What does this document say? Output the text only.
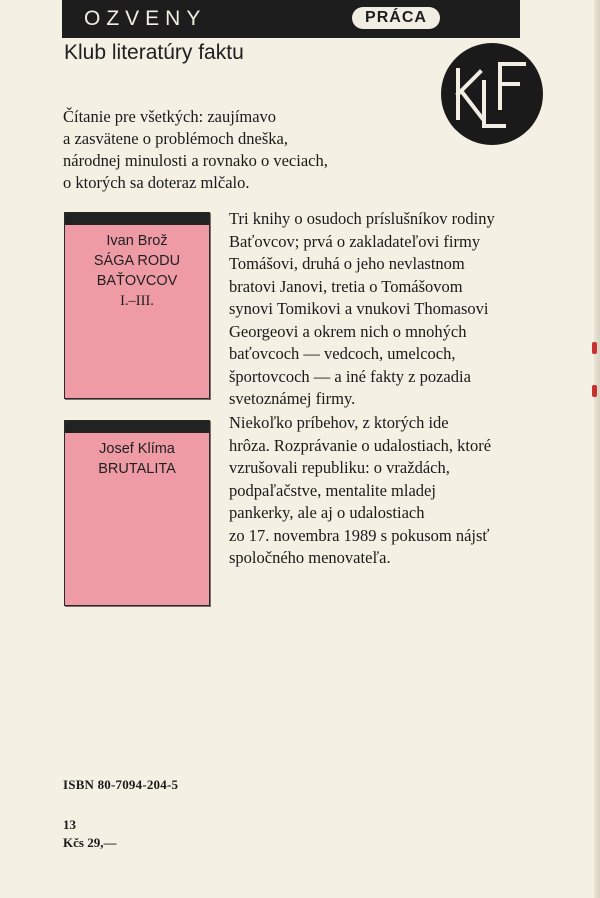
OZVENY	PRÁCA
Klub literatúry faktu
Čítanie pre všetkých: zaujímavo
a zasvätene o problémoch dneška,
národnej minulosti a rovnako o veciach,
o ktorých sa doteraz mlčalo.
Ivan Brož
SÁGA RODU
BAŤOVCOV
I.–III.
Tri knihy o osudoch príslušníkov rodiny
Baťovcov; prvá o zakladateľovi firmy
Tomášovi, druhá o jeho nevlastnom
bratovi Janovi, tretia o Tomášovom
synovi Tomikovi a vnukovi Thomasovi
Georgeovi a okrem nich o mnohých
baťovcoch — vedcoch, umelcoch,
športovcoch — a iné fakty z pozadia
svetoznámej firmy.
Josef Klíma
BRUTALITA
Niekoľko príbehov, z ktorých ide
hrôza. Rozprávanie o udalostiach, ktoré
vzrušovali republiku: o vraždách,
podpaľačstve, mentalite mladej
pankerky, ale aj o udalostiach
zo 17. novembra 1989 s pokusom nájsť
spoločného menovateľa.
ISBN 80-7094-204-5
13
Kčs 29,—
